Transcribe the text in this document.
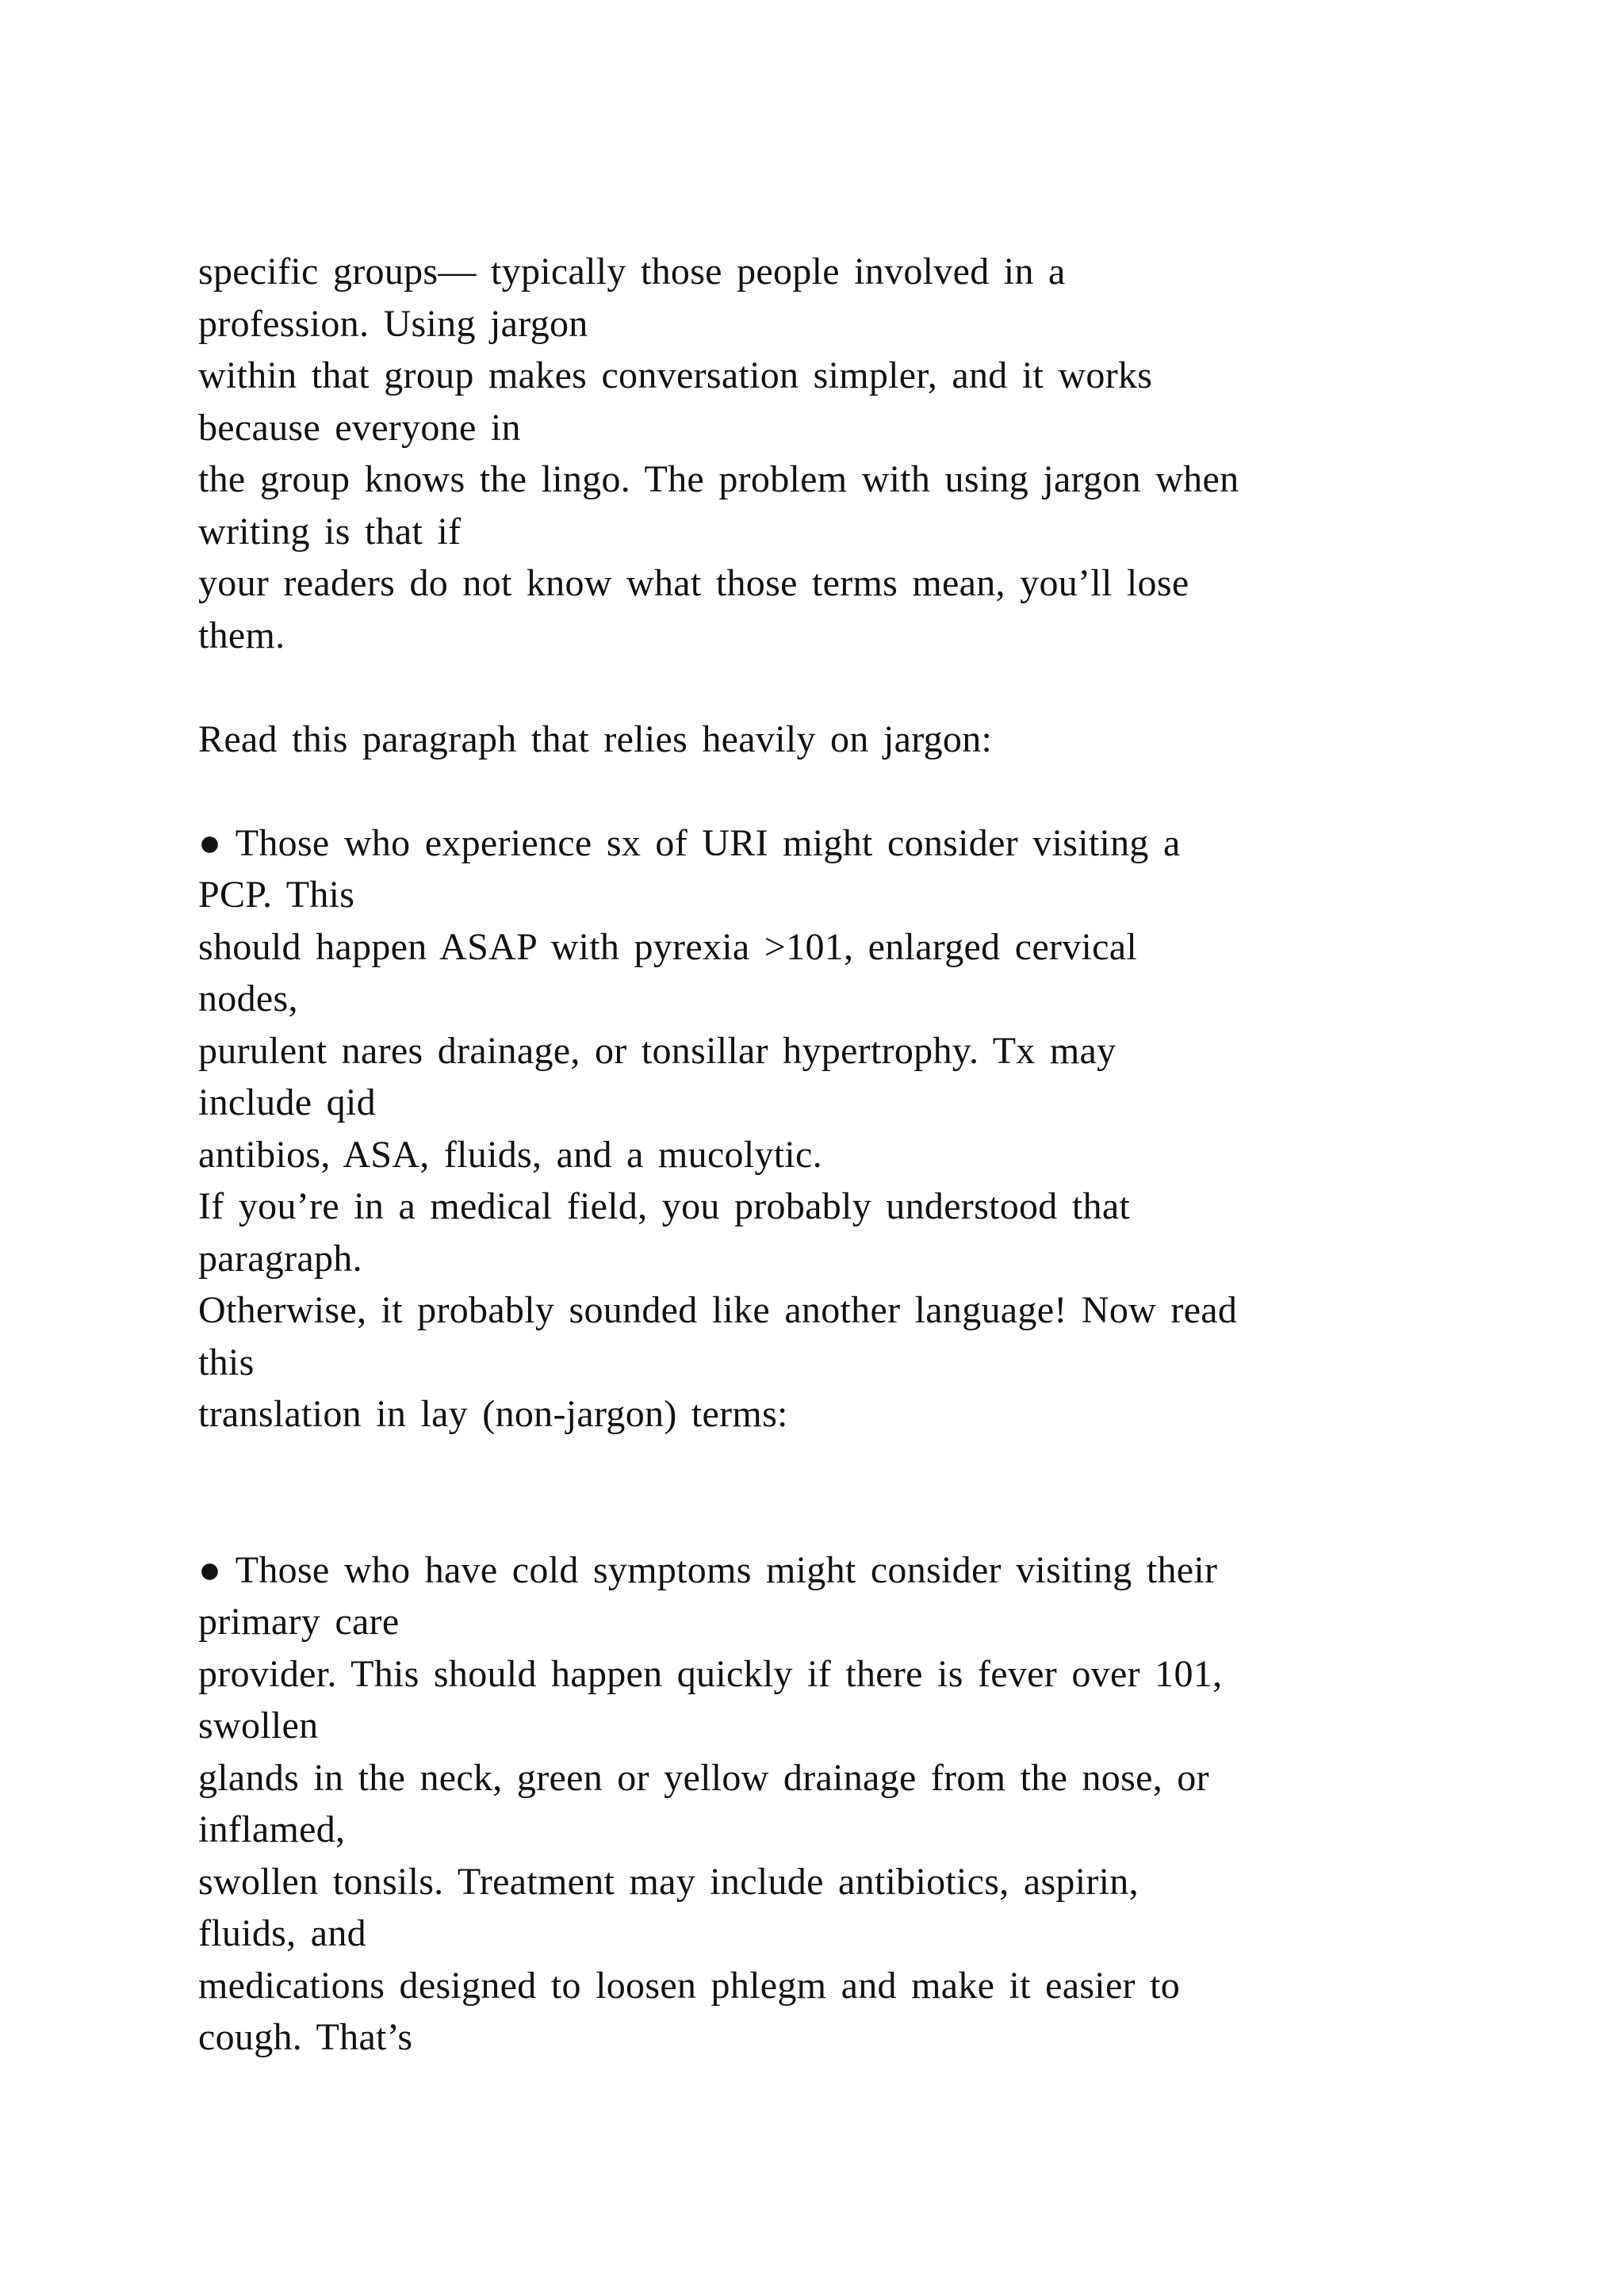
specific groups— typically those people involved in a
profession. Using jargon
within that group makes conversation simpler, and it works
because everyone in
the group knows the lingo. The problem with using jargon when
writing is that if
your readers do not know what those terms mean, you’ll lose
them.
Read this paragraph that relies heavily on jargon:
● Those who experience sx of URI might consider visiting a
PCP. This
should happen ASAP with pyrexia >101, enlarged cervical
nodes,
purulent nares drainage, or tonsillar hypertrophy. Tx may
include qid
antibios, ASA, fluids, and a mucolytic.
If you’re in a medical field, you probably understood that
paragraph.
Otherwise, it probably sounded like another language! Now read
this
translation in lay (non-jargon) terms:
● Those who have cold symptoms might consider visiting their
primary care
provider. This should happen quickly if there is fever over 101,
swollen
glands in the neck, green or yellow drainage from the nose, or
inflamed,
swollen tonsils. Treatment may include antibiotics, aspirin,
fluids, and
medications designed to loosen phlegm and make it easier to
cough. That’s
